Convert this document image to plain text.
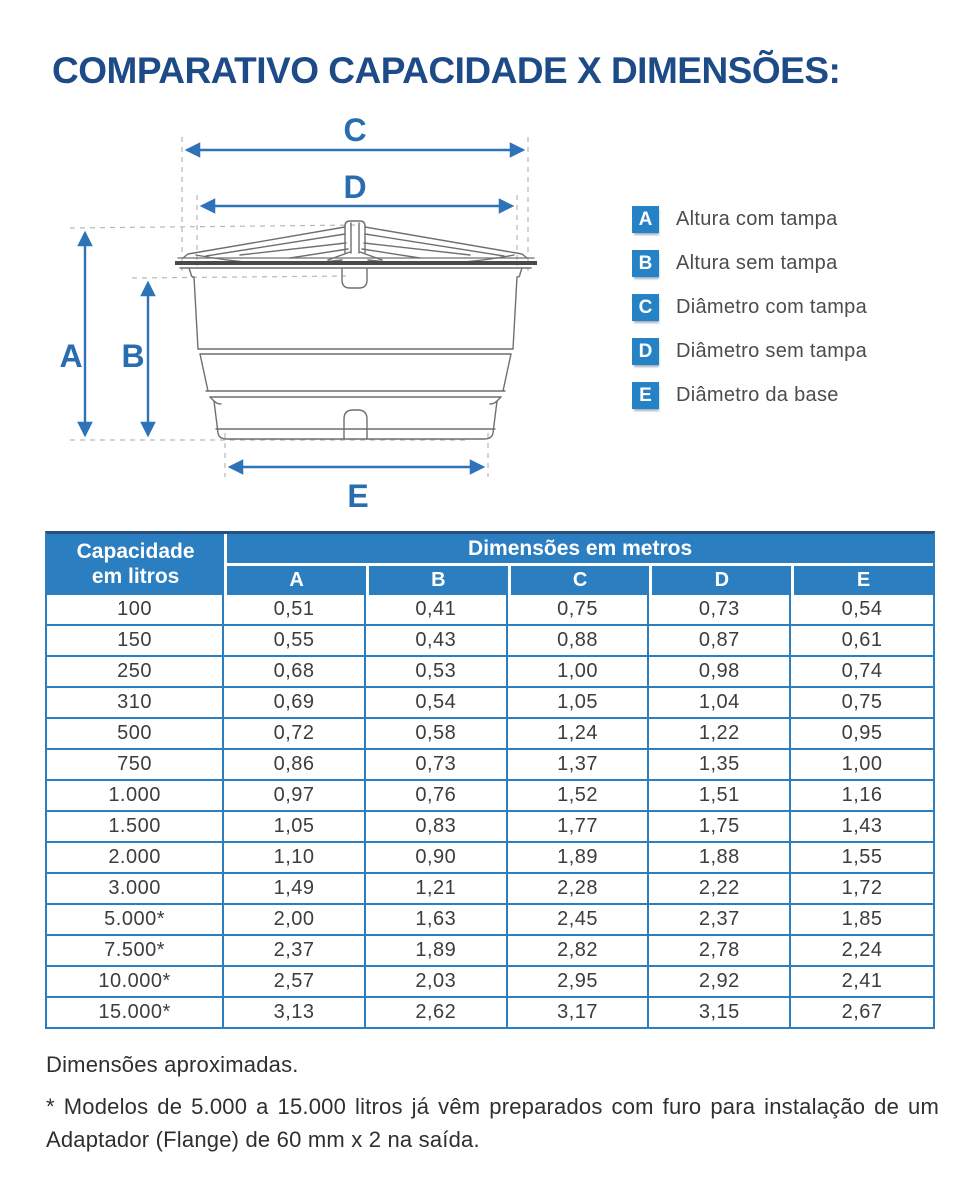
COMPARATIVO CAPACIDADE X DIMENSÕES:
C
D
A B
E
A	Altura com tampa
B	Altura sem tampa
C	Diâmetro com tampa
D	Diâmetro sem tampa
E	Diâmetro da base
Capacidade
em litros	Dimensões em metros				
	A	B	C	D	E
100	0,51	0,41	0,75	0,73	0,54
150	0,55	0,43	0,88	0,87	0,61
250	0,68	0,53	1,00	0,98	0,74
310	0,69	0,54	1,05	1,04	0,75
500	0,72	0,58	1,24	1,22	0,95
750	0,86	0,73	1,37	1,35	1,00
1.000	0,97	0,76	1,52	1,51	1,16
1.500	1,05	0,83	1,77	1,75	1,43
2.000	1,10	0,90	1,89	1,88	1,55
3.000	1,49	1,21	2,28	2,22	1,72
5.000*	2,00	1,63	2,45	2,37	1,85
7.500*	2,37	1,89	2,82	2,78	2,24
10.000*	2,57	2,03	2,95	2,92	2,41
15.000*	3,13	2,62	3,17	3,15	2,67

Dimensões aproximadas.

* Modelos de 5.000 a 15.000 litros já vêm preparados com furo para instalação de um Adaptador (Flange) de 60 mm x 2 na saída.
